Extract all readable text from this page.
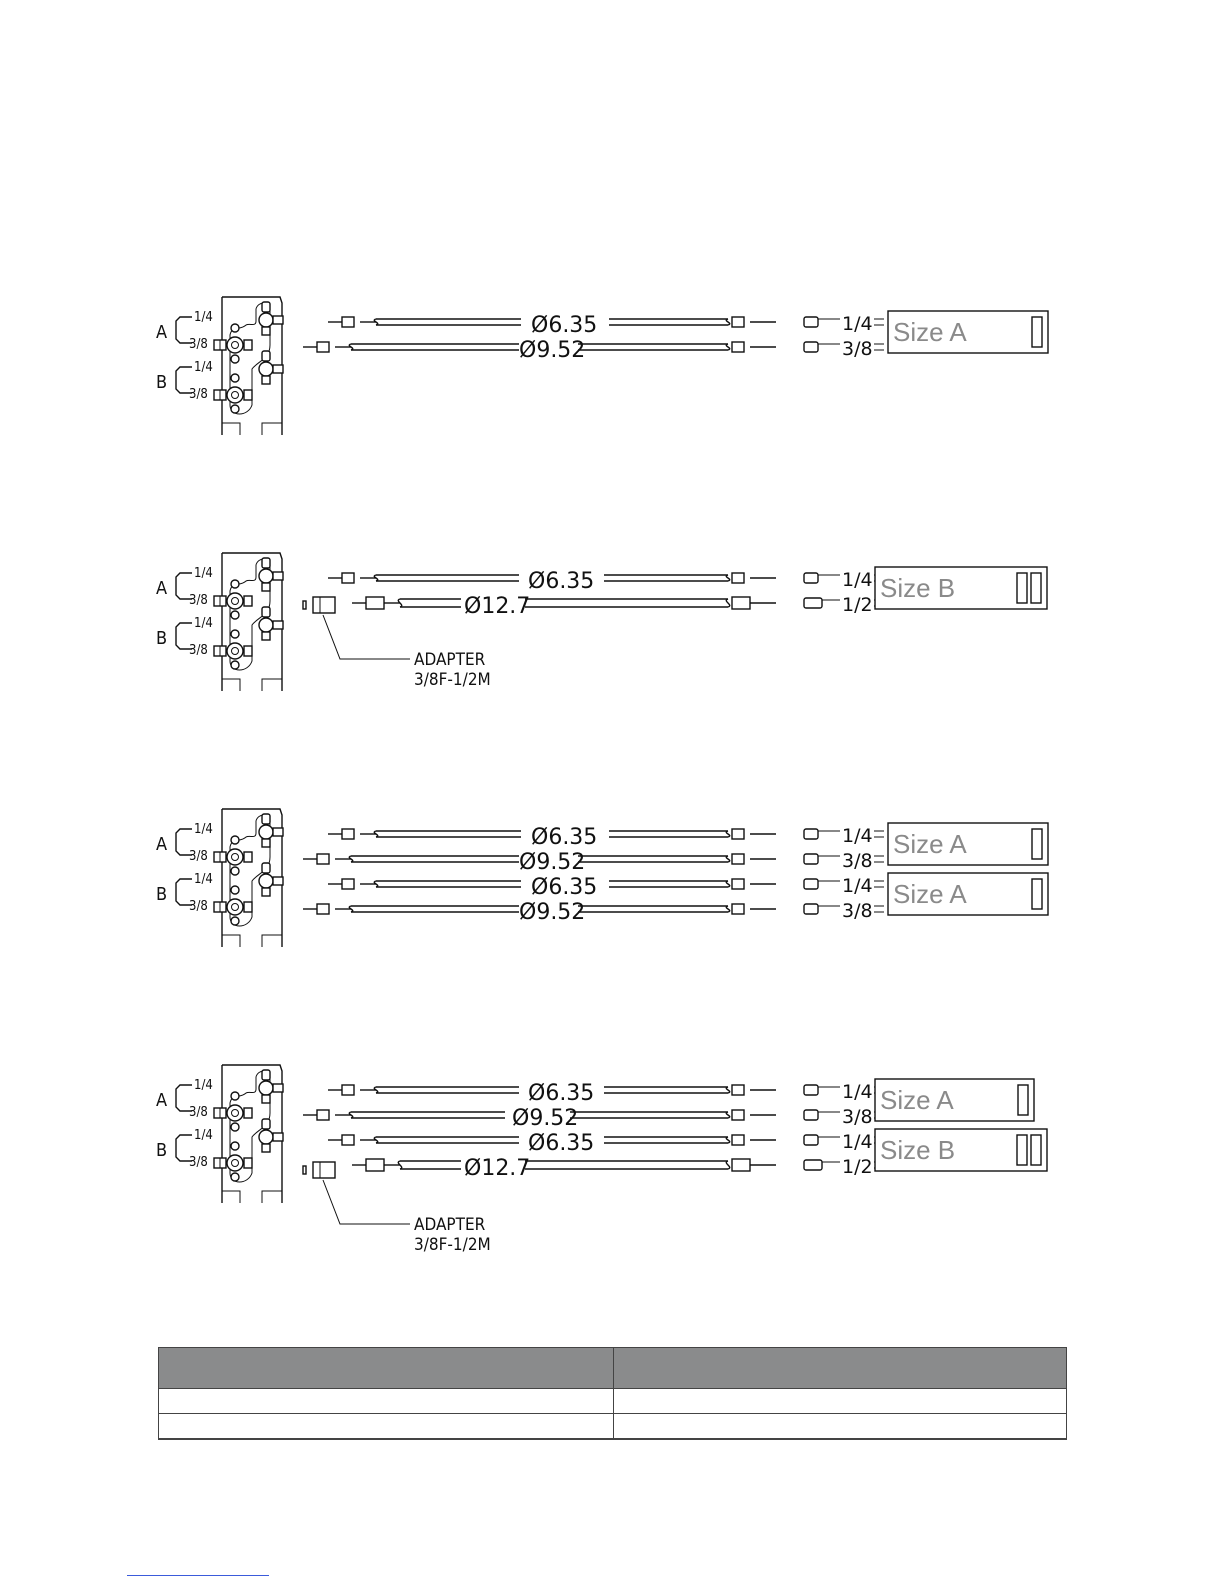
A
1/4
3/8
B
1/4
3/8
Ø6.35	1/4
Ø9.52	3/8
Size A
A
1/4
3/8
B
1/4
3/8
Ø6.35	1/4
Ø12.7	1/2
Size B
ADAPTER
3/8F-1/2M
A
1/4
3/8
B
1/4
3/8
Ø6.35	1/4
Ø9.52	3/8
Ø6.35	1/4
Ø9.52	3/8
Size A
Size A
A
1/4
3/8
B
1/4
3/8
Ø6.35	1/4
Ø9.52	3/8
Ø6.35	1/4
Ø12.7	1/2
Size A
Size B
ADAPTER
3/8F-1/2M
